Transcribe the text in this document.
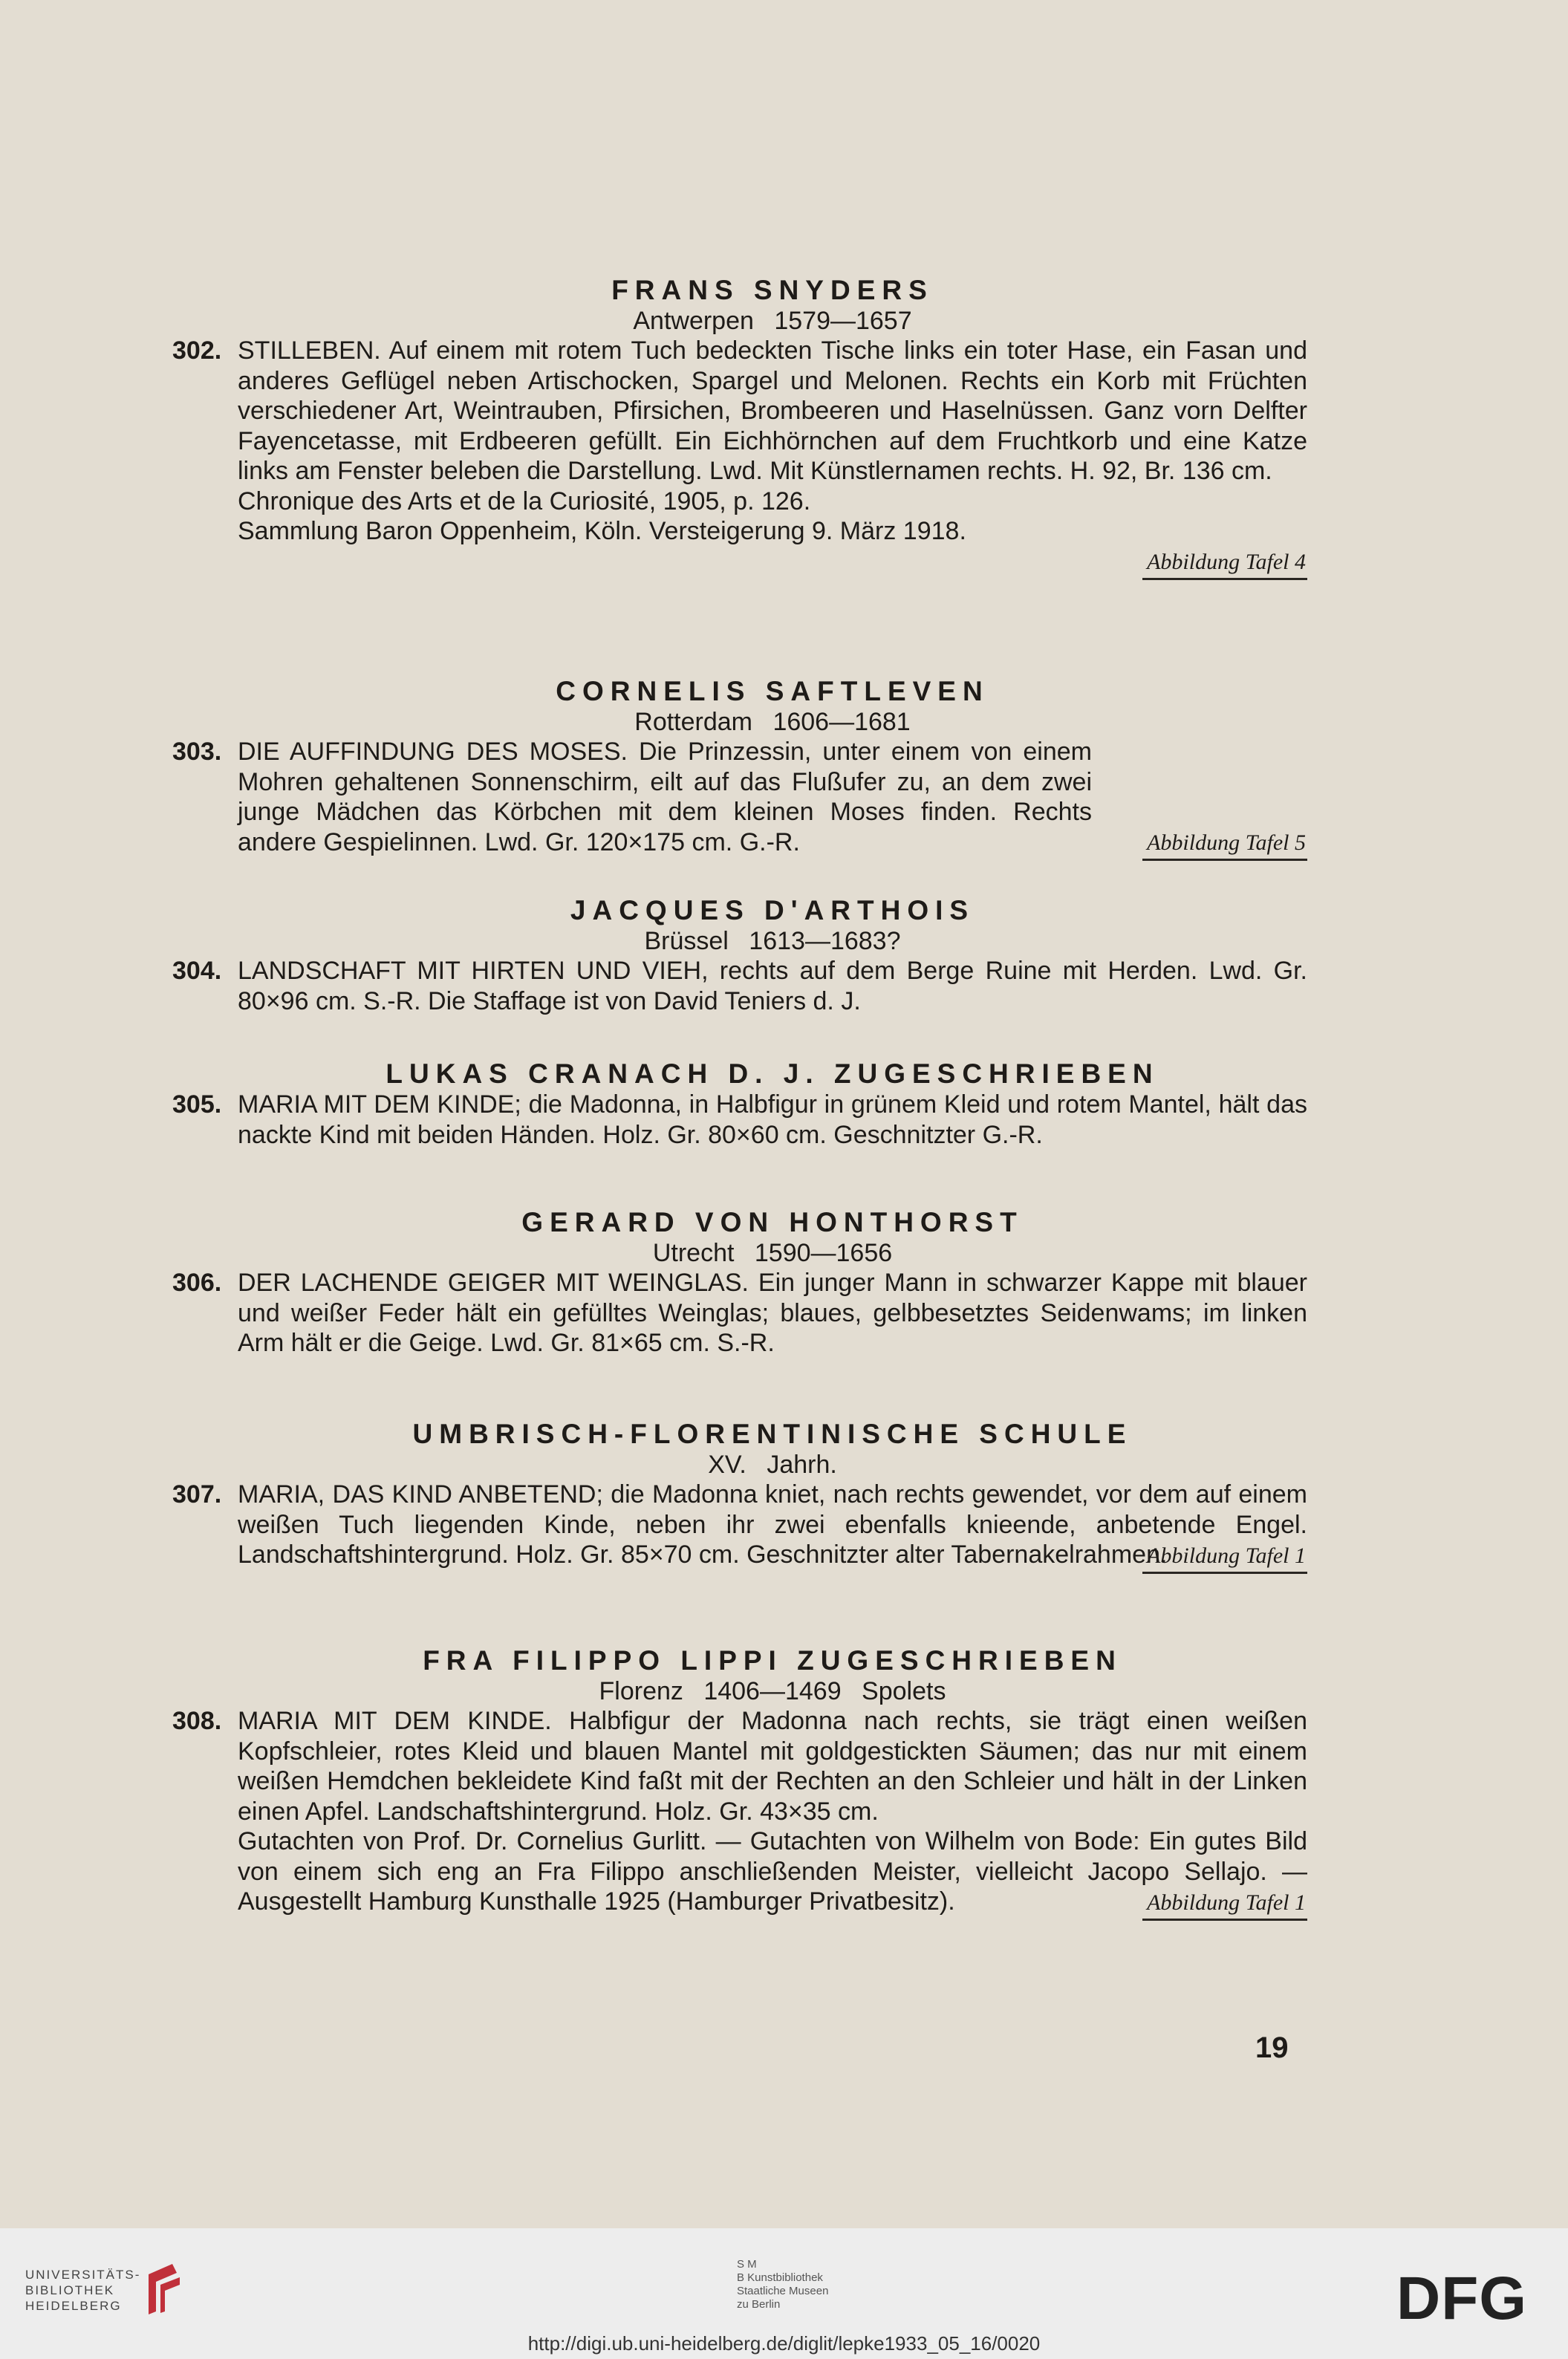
FRANS SNYDERS

Antwerpen 1579—1657

302. STILLEBEN. Auf einem mit rotem Tuch bedeckten Tische links ein toter Hase, ein Fasan und anderes Geflügel neben Artischocken, Spargel und Melonen. Rechts ein Korb mit Früchten verschiedener Art, Weintrauben, Pfirsichen, Brombeeren und Haselnüssen. Ganz vorn Delfter Fayencetasse, mit Erdbeeren gefüllt. Ein Eichhörnchen auf dem Fruchtkorb und eine Katze links am Fenster beleben die Darstellung. Lwd. Mit Künstlernamen rechts. H. 92, Br. 136 cm.

Chronique des Arts et de la Curiosité, 1905, p. 126.

Sammlung Baron Oppenheim, Köln. Versteigerung 9. März 1918.

Abbildung Tafel 4
CORNELIS SAFTLEVEN

Rotterdam 1606—1681

303. DIE AUFFINDUNG DES MOSES. Die Prinzessin, unter einem von einem Mohren gehaltenen Sonnenschirm, eilt auf das Flußufer zu, an dem zwei junge Mädchen das Körbchen mit dem kleinen Moses finden. Rechts andere Gespielinnen. Lwd. Gr. 120×175 cm. G.-R.	Abbildung Tafel 5
JACQUES D'ARTHOIS

Brüssel 1613—1683?

304. LANDSCHAFT MIT HIRTEN UND VIEH, rechts auf dem Berge Ruine mit Herden. Lwd. Gr. 80×96 cm. S.-R. Die Staffage ist von David Teniers d. J.

LUKAS CRANACH D. J. ZUGESCHRIEBEN
305. MARIA MIT DEM KINDE; die Madonna, in Halbfigur in grünem Kleid und rotem Mantel, hält das nackte Kind mit beiden Händen. Holz. Gr. 80×60 cm. Geschnitzter G.-R.

GERARD VON HONTHORST

Utrecht 1590—1656

306. DER LACHENDE GEIGER MIT WEINGLAS. Ein junger Mann in schwarzer Kappe mit blauer und weißer Feder hält ein gefülltes Weinglas; blaues, gelbbesetztes Seidenwams; im linken Arm hält er die Geige. Lwd. Gr. 81×65 cm. S.-R.

UMBRISCH-FLORENTINISCHE SCHULE

XV. Jahrh.

307. MARIA, DAS KIND ANBETEND; die Madonna kniet, nach rechts gewendet, vor dem auf einem weißen Tuch liegenden Kinde, neben ihr zwei ebenfalls knieende, anbetende Engel. Landschaftshintergrund. Holz. Gr. 85×70 cm. Geschnitzter alter Tabernakelrahmen.

Abbildung Tafel 1
FRA FILIPPO LIPPI ZUGESCHRIEBEN

Florenz 1406—1469 Spolets

308. MARIA MIT DEM KINDE. Halbfigur der Madonna nach rechts, sie trägt einen weißen Kopfschleier, rotes Kleid und blauen Mantel mit goldgestickten Säumen; das nur mit einem weißen Hemdchen bekleidete Kind faßt mit der Rechten an den Schleier und hält in der Linken einen Apfel. Landschaftshintergrund. Holz. Gr. 43×35 cm.

Gutachten von Prof. Dr. Cornelius Gurlitt. — Gutachten von Wilhelm von Bode: Ein gutes Bild von einem sich eng an Fra Filippo anschließenden Meister, vielleicht Jacopo Sellajo. — Ausgestellt Hamburg Kunsthalle 1925 (Hamburger Privatbesitz).	Abbildung Tafel 1
19
UNIVERSITÄTS-
BIBLIOTHEK
HEIDELBERG
S M
B Kunstbibliothek
Staatliche Museen
zu Berlin	DFG
http://digi.ub.uni-heidelberg.de/diglit/lepke1933_05_16/0020
